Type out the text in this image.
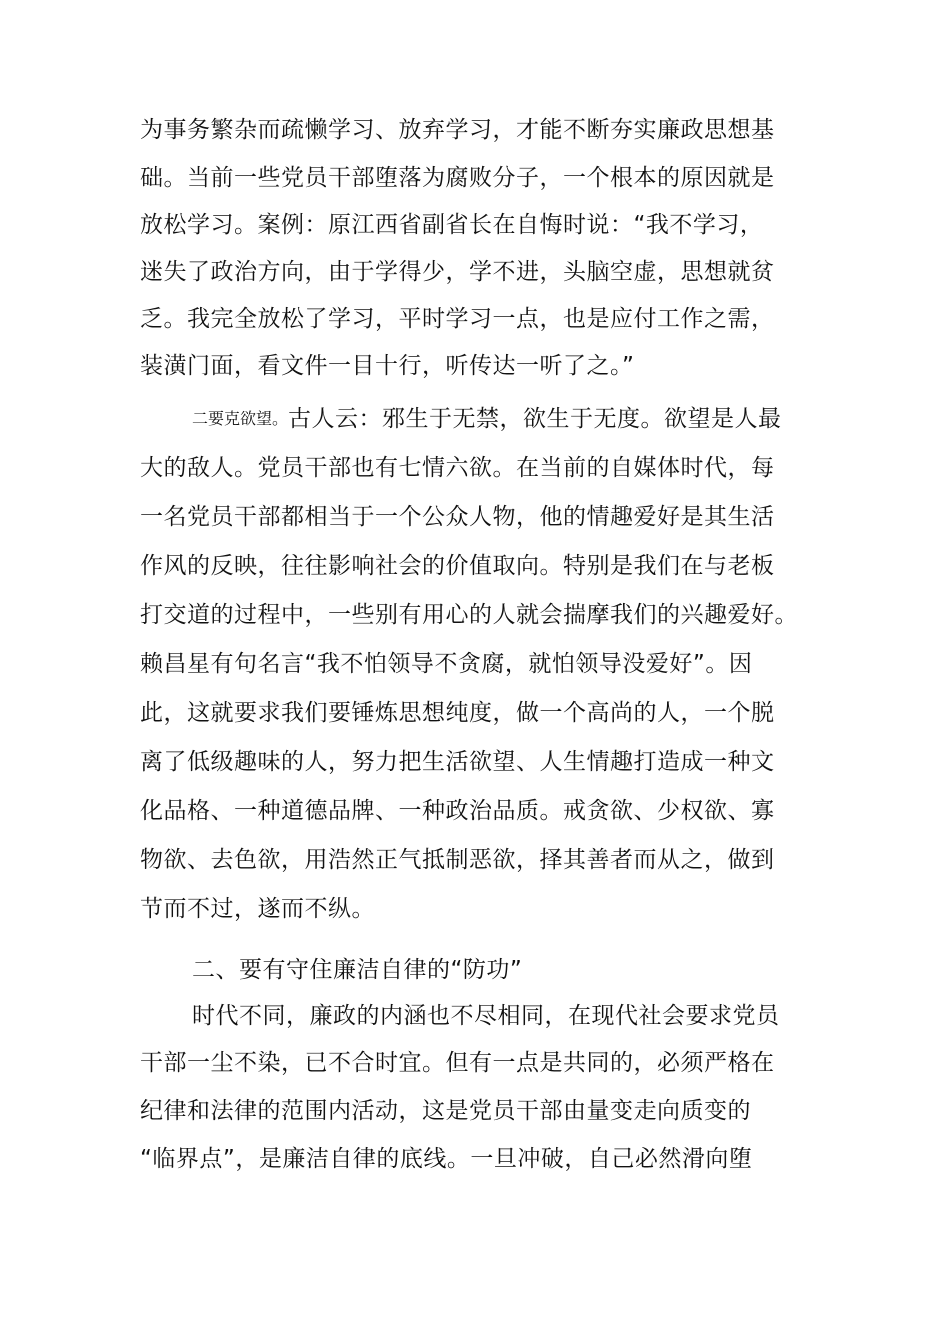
为事务繁杂而疏懒学习、放弃学习，才能不断夯实廉政思想基
础。当前一些党员干部堕落为腐败分子，一个根本的原因就是
放松学习。案例：原江西省副省长在自悔时说：“我不学习，
迷失了政治方向，由于学得少，学不进，头脑空虚，思想就贫
乏。我完全放松了学习，平时学习一点，也是应付工作之需，
装潢门面，看文件一目十行，听传达一听了之。”
二要克欲望。古人云：邪生于无禁，欲生于无度。欲望是人最
大的敌人。党员干部也有七情六欲。在当前的自媒体时代，每
一名党员干部都相当于一个公众人物，他的情趣爱好是其生活
作风的反映，往往影响社会的价值取向。特别是我们在与老板
打交道的过程中，一些别有用心的人就会揣摩我们的兴趣爱好。
赖昌星有句名言“我不怕领导不贪腐，就怕领导没爱好”。因
此，这就要求我们要锤炼思想纯度，做一个高尚的人，一个脱
离了低级趣味的人，努力把生活欲望、人生情趣打造成一种文
化品格、一种道德品牌、一种政治品质。戒贪欲、少权欲、寡
物欲、去色欲，用浩然正气抵制恶欲，择其善者而从之，做到
节而不过，遂而不纵。
二、要有守住廉洁自律的“防功”
时代不同，廉政的内涵也不尽相同，在现代社会要求党员
干部一尘不染，已不合时宜。但有一点是共同的，必须严格在
纪律和法律的范围内活动，这是党员干部由量变走向质变的
“临界点”，是廉洁自律的底线。一旦冲破，自己必然滑向堕
